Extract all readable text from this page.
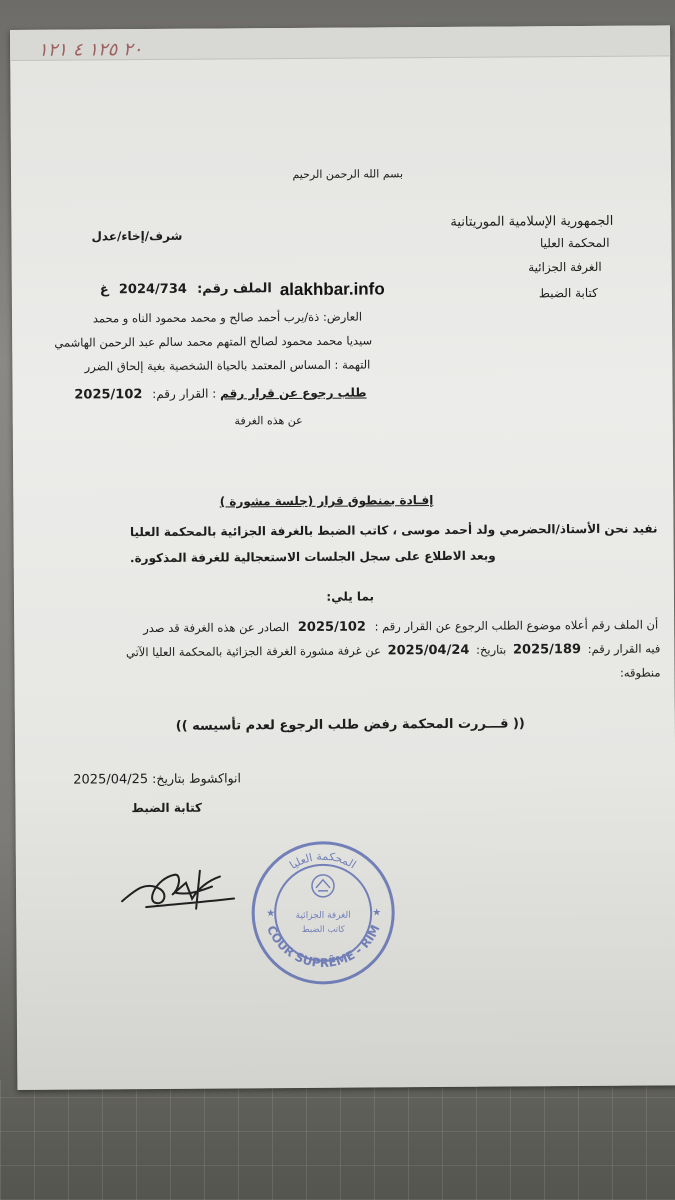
٢٠ ١٢٥ ٤ ١٢١
بسم الله الرحمن الرحيم
الجمهورية الإسلامية الموريتانية
المحكمة العليا
الغرفة الجزائية
كتابة الضبط
شرف/إخاء/عدل
alakhbar.info
الملف رقم: 2024/734 غ
العارض: ذة/يرب أحمد صالح و محمد محمود الناه و محمد
سيديا محمد محمود لصالح المتهم محمد سالم عبد الرحمن الهاشمي
التهمة : المساس المعتمد بالحياة الشخصية بغية إلحاق الضرر
طلب رجوع عن قرار رقم : القرار رقم: 2025/102
عن هذه الغرفة
إفـادة بمنطوق قرار (جلسة مشورة )
نفيد نحن الأستاذ/الحضرمي ولد أحمد موسى ، كاتب الضبط بالغرفة الجزائية بالمحكمة العليا
وبعد الاطلاع على سجل الجلسات الاستعجالية للغرفة المذكورة.
بما يلي:
أن الملف رقم أعلاه موضوع الطلب الرجوع عن القرار رقم : 2025/102 الصادر عن هذه الغرفة قد صدر
فيه القرار رقم: 2025/189 بتاريخ: 2025/04/24 عن غرفة مشورة الغرفة الجزائية بالمحكمة العليا الآتي
منطوقه:
(( قـــررت المحكمة رفض طلب الرجوع لعدم تأسيسه ))
انواكشوط بتاريخ: 2025/04/25
كتابة الضبط
★	★
المحكمة العليا
COUR SUPRÊME - RIM
الغرفة الجزائية
كاتب الضبط
